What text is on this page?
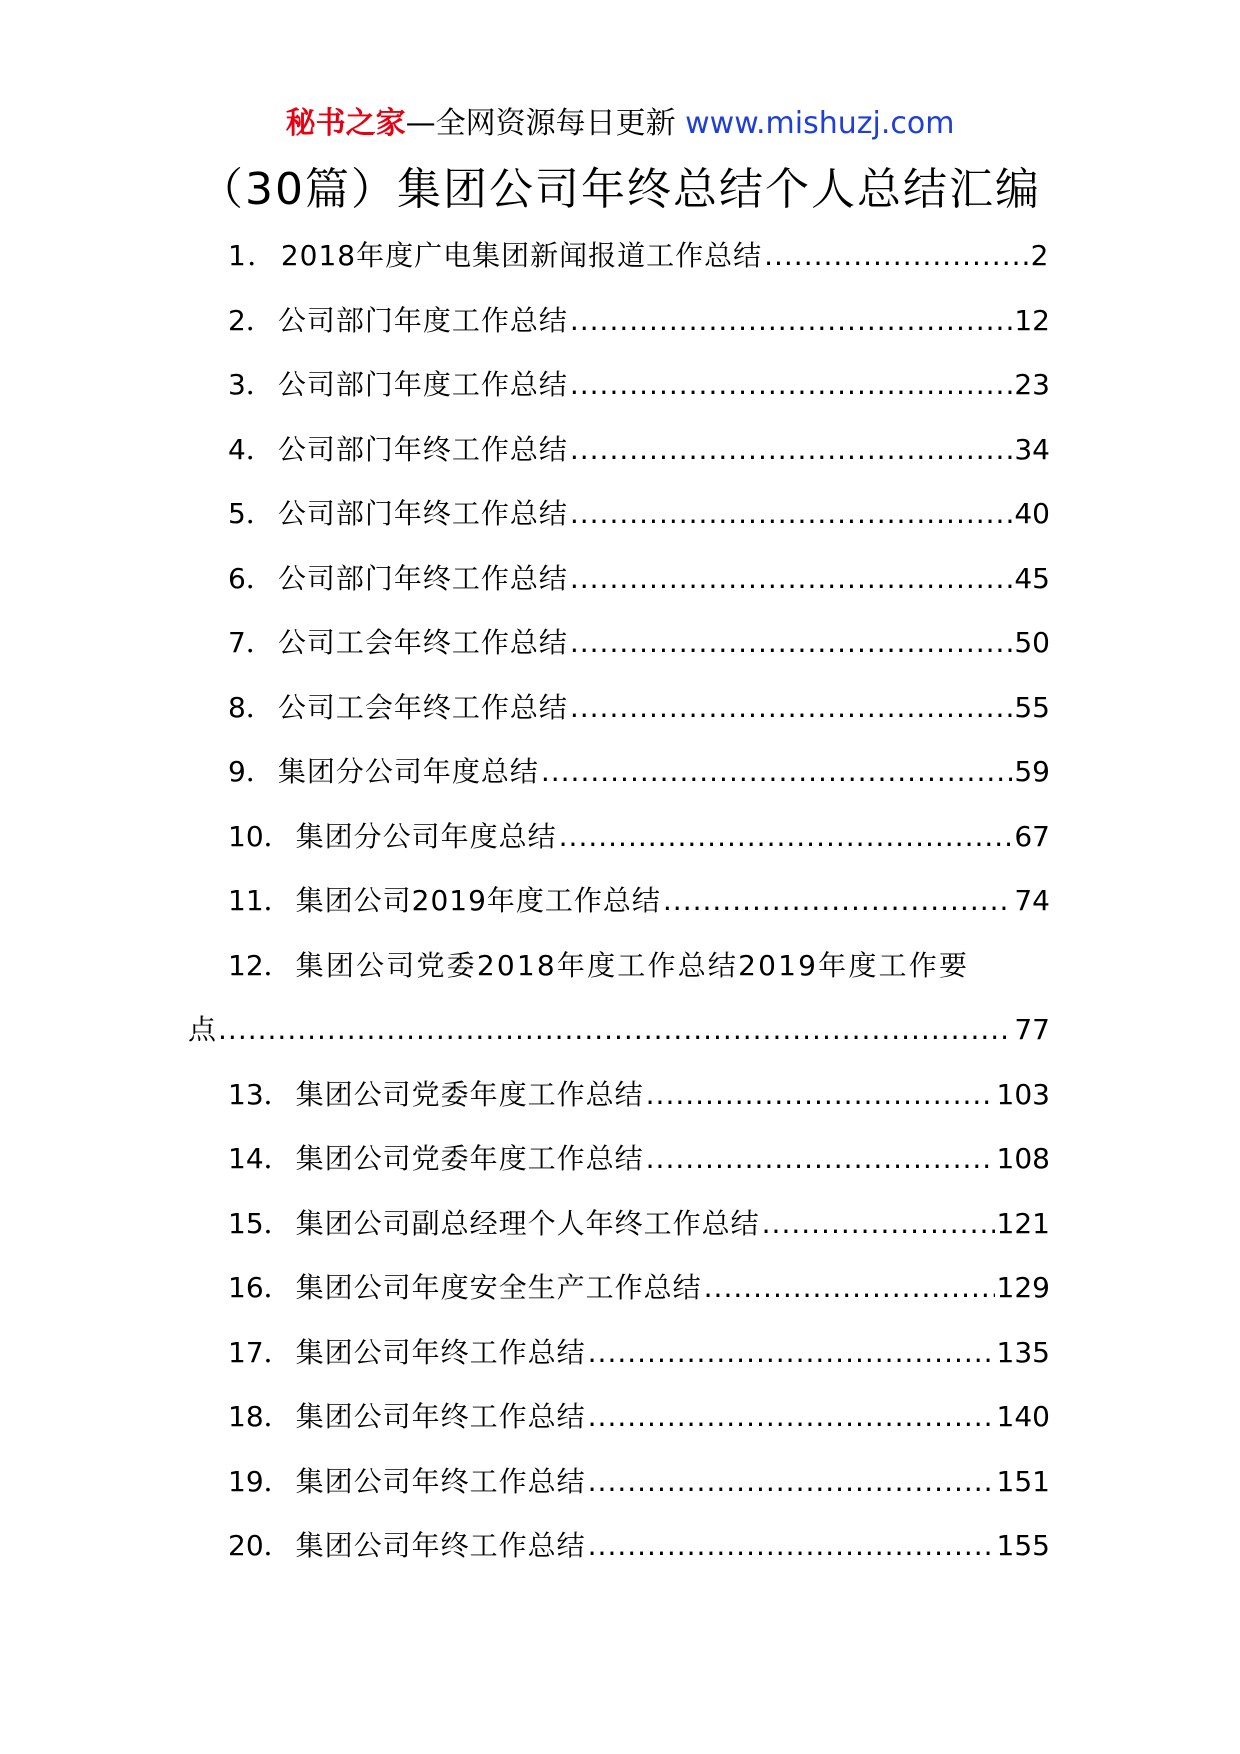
秘书之家—全网资源每日更新 www.mishuzj.com
（30篇）集团公司年终总结个人总结汇编
1． 2018年度广电集团新闻报道工作总结 .....	2
2． 公司部门年度工作总结 .....	12
3． 公司部门年度工作总结 .....	23
4． 公司部门年终工作总结 .....	34
5． 公司部门年终工作总结 .....	40
6． 公司部门年终工作总结 .....	45
7． 公司工会年终工作总结 .....	50
8． 公司工会年终工作总结 .....	55
9． 集团分公司年度总结 .....	59
10． 集团分公司年度总结 .....	67
11． 集团公司2019年度工作总结 .....	74
12． 集团公司党委2018年度工作总结2019年度工作要
点 .....	77
13． 集团公司党委年度工作总结 .....	103
14． 集团公司党委年度工作总结 .....	108
15． 集团公司副总经理个人年终工作总结 .....	121
16． 集团公司年度安全生产工作总结 .....	129
17． 集团公司年终工作总结 .....	135
18． 集团公司年终工作总结 .....	140
19． 集团公司年终工作总结 .....	151
20． 集团公司年终工作总结 .....	155
